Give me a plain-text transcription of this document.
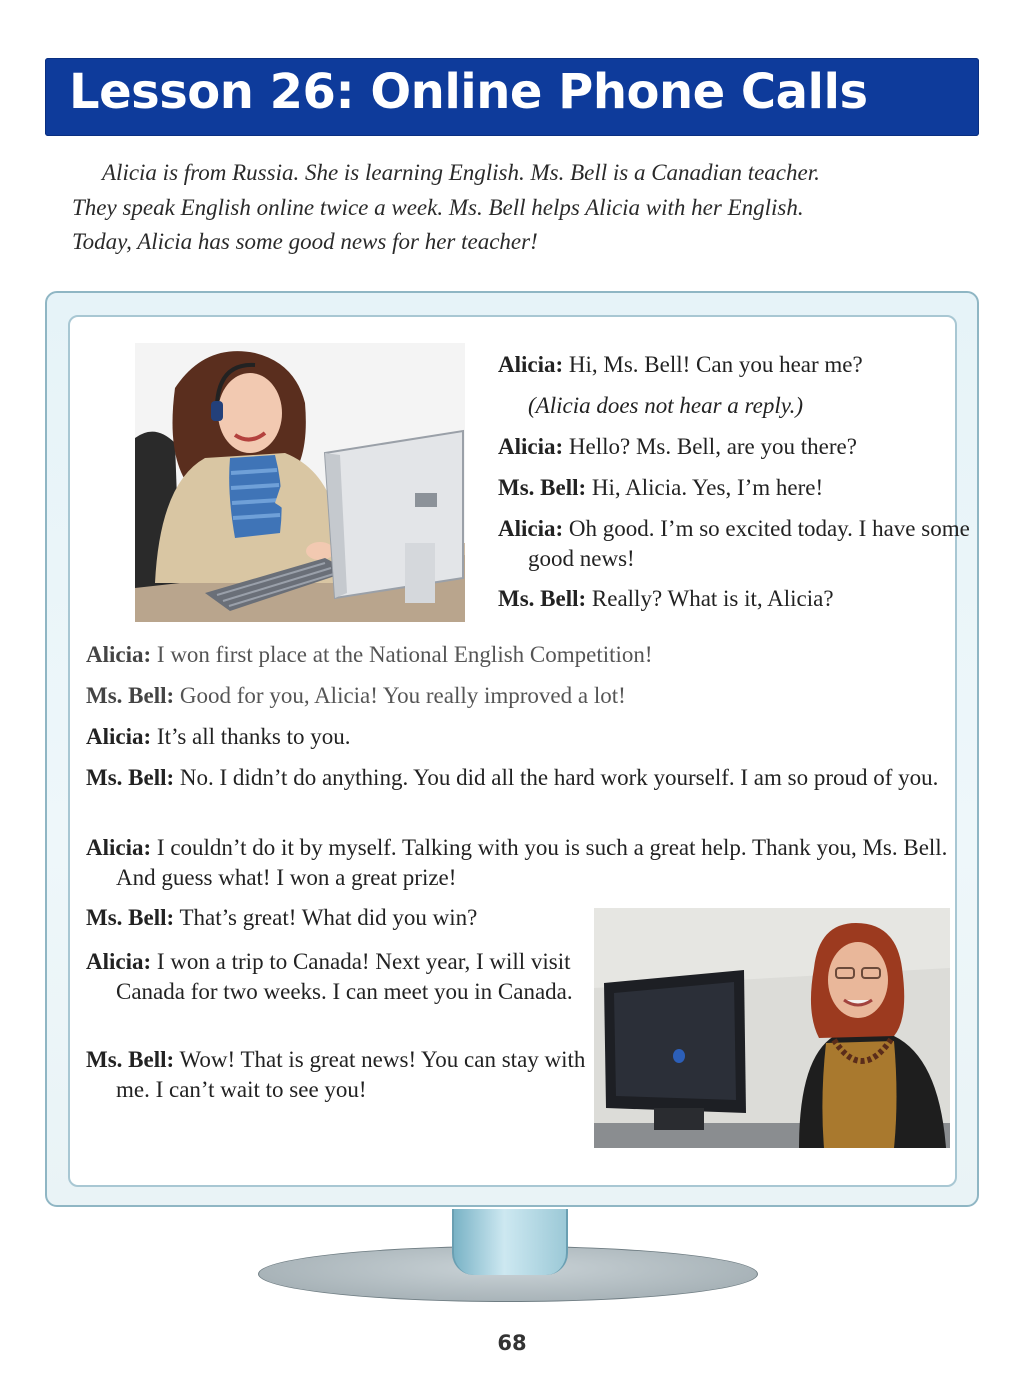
Lesson 26: Online Phone Calls

Alicia is from Russia. She is learning English. Ms. Bell is a Canadian teacher.

They speak English online twice a week. Ms. Bell helps Alicia with her English.

Today, Alicia has some good news for her teacher!

Alicia: Hi, Ms. Bell! Can you hear me?
(Alicia does not hear a reply.)
Alicia: Hello? Ms. Bell, are you there?
Ms. Bell: Hi, Alicia. Yes, I’m here!
Alicia: Oh good. I’m so excited today. I have some good news!
Ms. Bell: Really? What is it, Alicia?
Alicia: I won first place at the National English Competition!
Ms. Bell: Good for you, Alicia! You really improved a lot!
Alicia: It’s all thanks to you.
Ms. Bell: No. I didn’t do anything. You did all the hard work yourself. I am so proud of you.
Alicia: I couldn’t do it by myself. Talking with you is such a great help. Thank you, Ms. Bell. And guess what! I won a great prize!
Ms. Bell: That’s great! What did you win?
Alicia: I won a trip to Canada! Next year, I will visit Canada for two weeks. I can meet you in Canada.
Ms. Bell: Wow! That is great news! You can stay with me. I can’t wait to see you!
68
